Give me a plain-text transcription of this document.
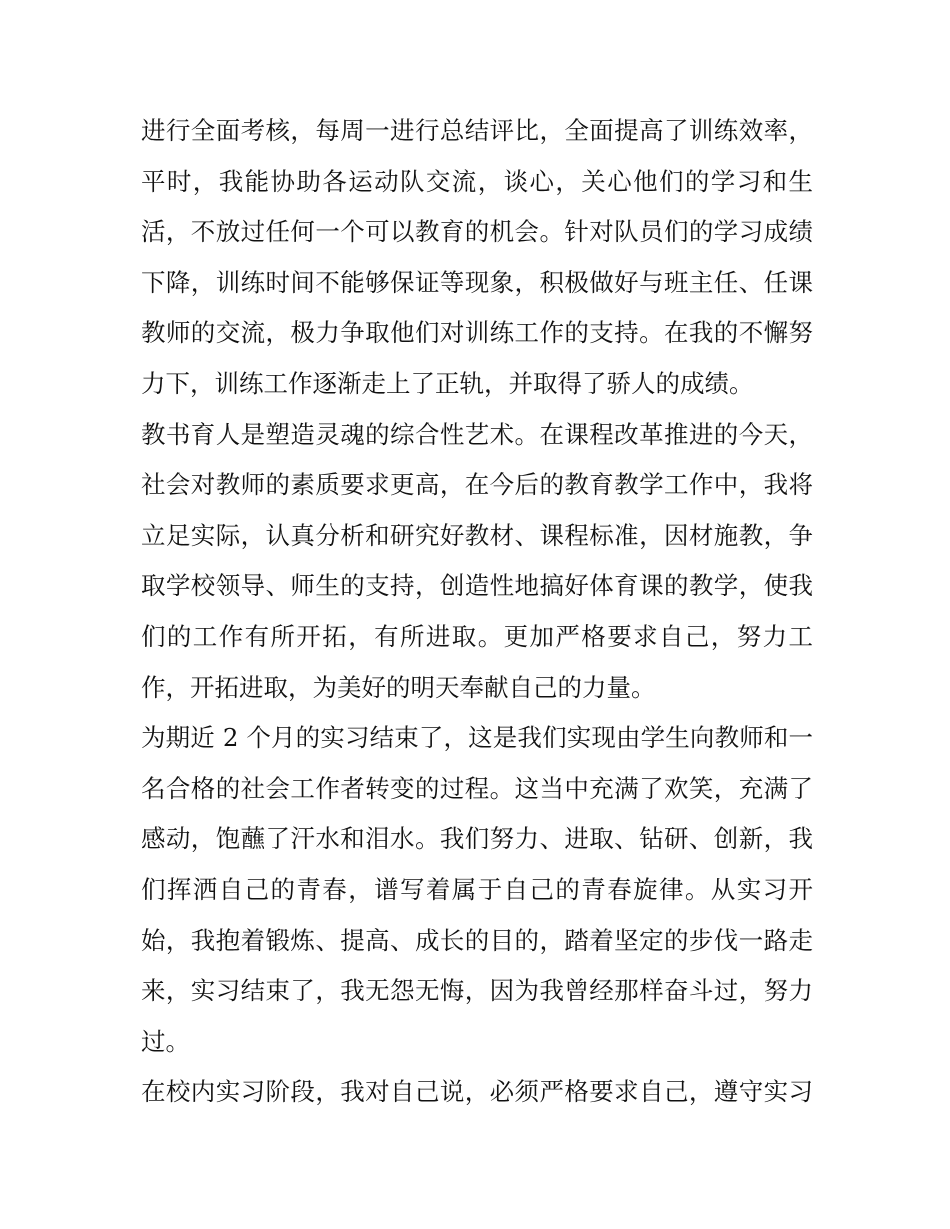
进行全面考核，每周一进行总结评比，全面提高了训练效率，
平时，我能协助各运动队交流，谈心，关心他们的学习和生
活，不放过任何一个可以教育的机会。针对队员们的学习成绩
下降，训练时间不能够保证等现象，积极做好与班主任、任课
教师的交流，极力争取他们对训练工作的支持。在我的不懈努
力下，训练工作逐渐走上了正轨，并取得了骄人的成绩。
教书育人是塑造灵魂的综合性艺术。在课程改革推进的今天，
社会对教师的素质要求更高，在今后的教育教学工作中，我将
立足实际，认真分析和研究好教材、课程标准，因材施教，争
取学校领导、师生的支持，创造性地搞好体育课的教学，使我
们的工作有所开拓，有所进取。更加严格要求自己，努力工
作，开拓进取，为美好的明天奉献自己的力量。
为期近 2 个月的实习结束了，这是我们实现由学生向教师和一
名合格的社会工作者转变的过程。这当中充满了欢笑，充满了
感动，饱蘸了汗水和泪水。我们努力、进取、钻研、创新，我
们挥洒自己的青春，谱写着属于自己的青春旋律。从实习开
始，我抱着锻炼、提高、成长的目的，踏着坚定的步伐一路走
来，实习结束了，我无怨无悔，因为我曾经那样奋斗过，努力
过。
在校内实习阶段，我对自己说，必须严格要求自己，遵守实习
